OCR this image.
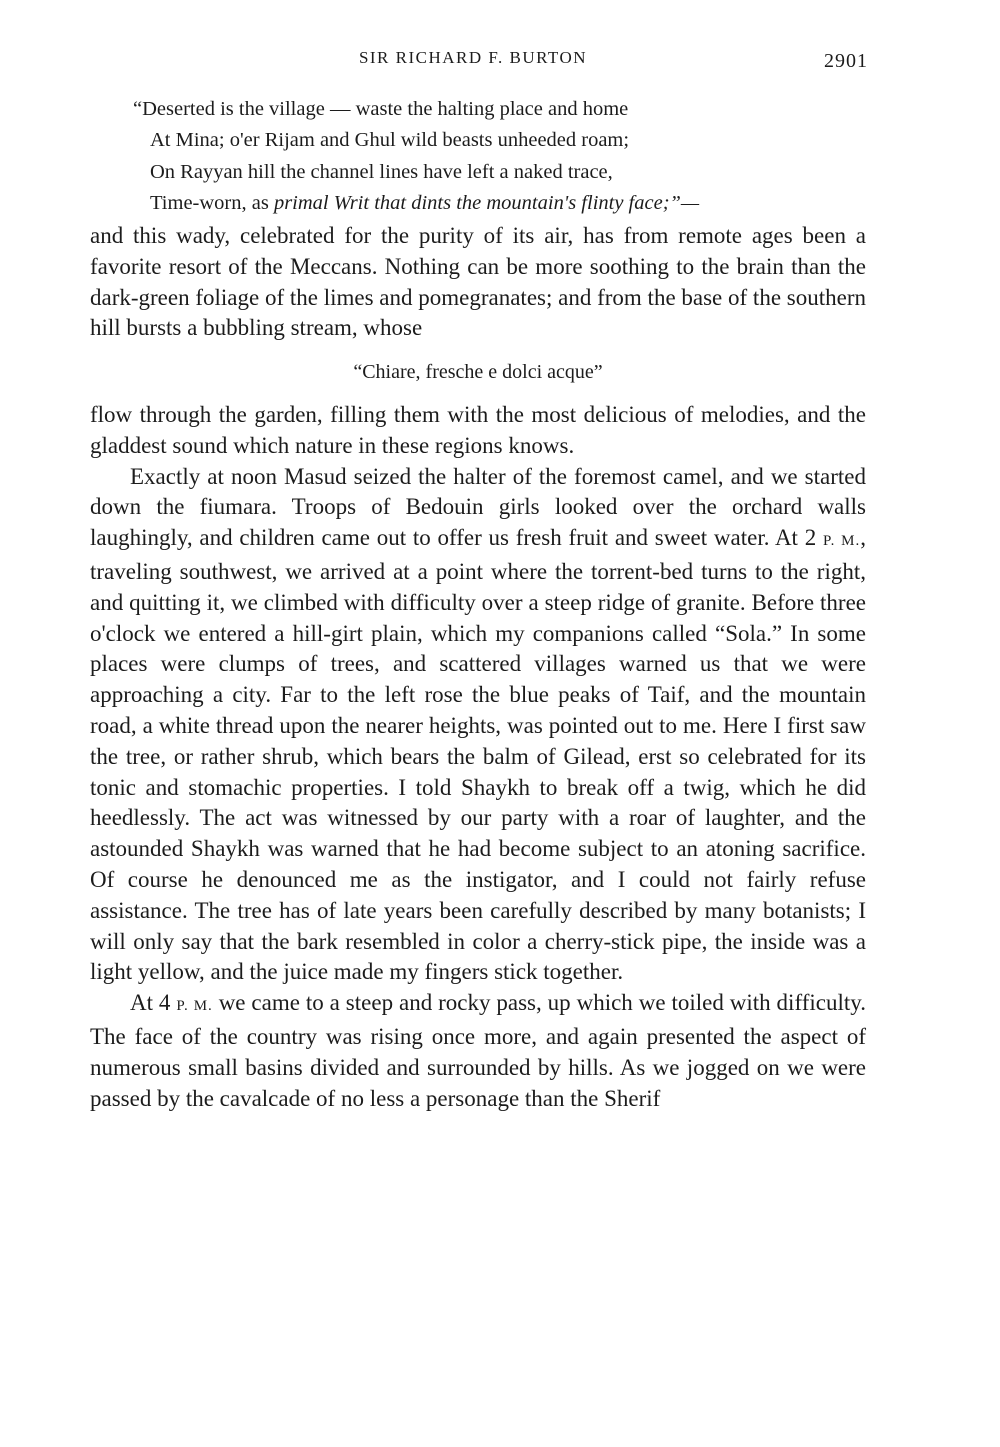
SIR RICHARD F. BURTON	2901
“Deserted is the village — waste the halting place and home
At Mina; o'er Rijam and Ghul wild beasts unheeded roam;
On Rayyan hill the channel lines have left a naked trace,
Time-worn, as primal Writ that dints the mountain's flinty face;”—

and this wady, celebrated for the purity of its air, has from remote ages been a favorite resort of the Meccans. Nothing can be more soothing to the brain than the dark-green foliage of the limes and pomegranates; and from the base of the southern hill bursts a bubbling stream, whose

“Chiare, fresche e dolci acque”

flow through the garden, filling them with the most delicious of melodies, and the gladdest sound which nature in these regions knows.

Exactly at noon Masud seized the halter of the foremost camel, and we started down the fiumara. Troops of Bedouin girls looked over the orchard walls laughingly, and children came out to offer us fresh fruit and sweet water. At 2 P. M., traveling southwest, we arrived at a point where the torrent-bed turns to the right, and quitting it, we climbed with difficulty over a steep ridge of granite. Before three o'clock we entered a hill-girt plain, which my companions called “Sola.” In some places were clumps of trees, and scattered villages warned us that we were approaching a city. Far to the left rose the blue peaks of Taif, and the mountain road, a white thread upon the nearer heights, was pointed out to me. Here I first saw the tree, or rather shrub, which bears the balm of Gilead, erst so celebrated for its tonic and stomachic properties. I told Shaykh to break off a twig, which he did heedlessly. The act was witnessed by our party with a roar of laughter, and the astounded Shaykh was warned that he had become subject to an atoning sacrifice. Of course he denounced me as the instigator, and I could not fairly refuse assistance. The tree has of late years been carefully described by many botanists; I will only say that the bark resembled in color a cherry-stick pipe, the inside was a light yellow, and the juice made my fingers stick together.

At 4 P. M. we came to a steep and rocky pass, up which we toiled with difficulty. The face of the country was rising once more, and again presented the aspect of numerous small basins divided and surrounded by hills. As we jogged on we were passed by the cavalcade of no less a personage than the Sherif
